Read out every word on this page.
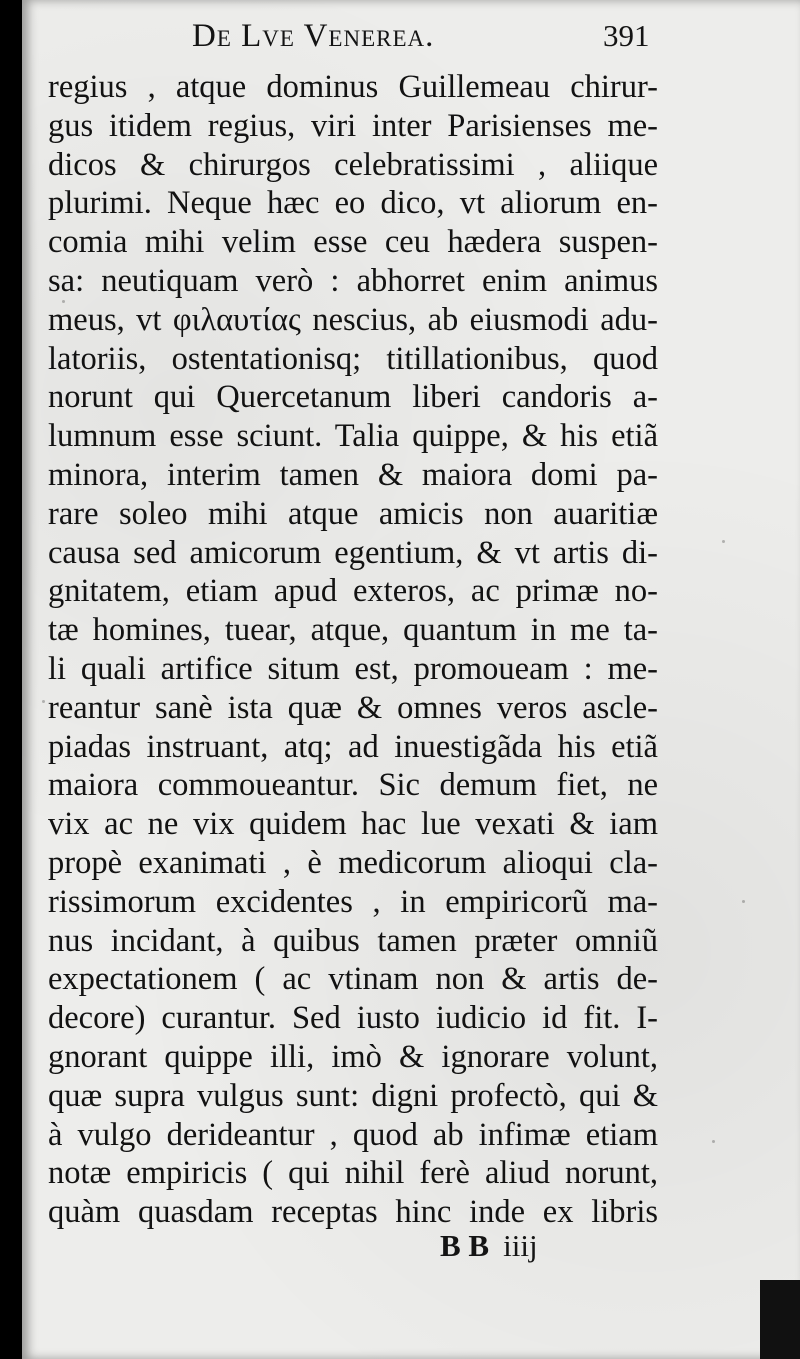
De Lve Venerea.	391
regius , atque dominus Guillemeau chirur-
gus itidem regius, viri inter Parisienses me-
dicos & chirurgos celebratissimi , aliique
plurimi. Neque hæc eo dico, vt aliorum en-
comia mihi velim esse ceu hædera suspen-
sa: neutiquam verò : abhorret enim animus
meus, vt φιλαυτίας nescius, ab eiusmodi adu-
latoriis, ostentationisq; titillationibus, quod
norunt qui Quercetanum liberi candoris a-
lumnum esse sciunt. Talia quippe, & his etiã
minora, interim tamen & maiora domi pa-
rare soleo mihi atque amicis non auaritiæ
causa sed amicorum egentium, & vt artis di-
gnitatem, etiam apud exteros, ac primæ no-
tæ homines, tuear, atque, quantum in me ta-
li quali artifice situm est, promoueam : me-
reantur sanè ista quæ & omnes veros ascle-
piadas instruant, atq; ad inuestigãda his etiã
maiora commoueantur. Sic demum fiet, ne
vix ac ne vix quidem hac lue vexati & iam
propè exanimati , è medicorum alioqui cla-
rissimorum excidentes , in empiricorũ ma-
nus incidant, à quibus tamen præter omniũ
expectationem ( ac vtinam non & artis de-
decore) curantur. Sed iusto iudicio id fit. I-
gnorant quippe illi, imò & ignorare volunt,
quæ supra vulgus sunt: digni profectò, qui &
à vulgo derideantur , quod ab infimæ etiam
notæ empiricis ( qui nihil ferè aliud norunt,
quàm quasdam receptas hinc inde ex libris
B B iiij
